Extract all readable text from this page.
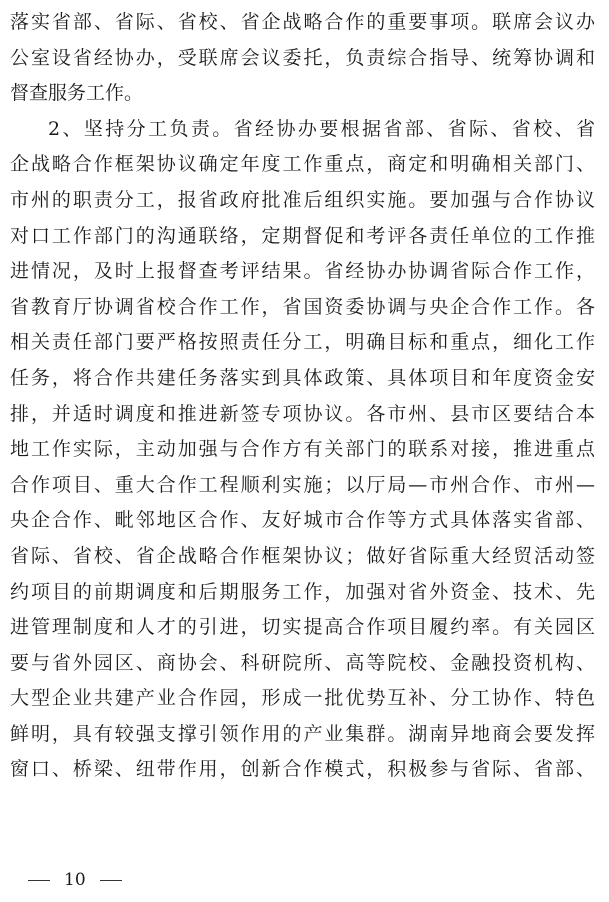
落实省部、省际、省校、省企战略合作的重要事项。联席会议办
公室设省经协办，受联席会议委托，负责综合指导、统筹协调和
督查服务工作。
2、坚持分工负责。省经协办要根据省部、省际、省校、省
企战略合作框架协议确定年度工作重点，商定和明确相关部门、
市州的职责分工，报省政府批准后组织实施。要加强与合作协议
对口工作部门的沟通联络，定期督促和考评各责任单位的工作推
进情况，及时上报督查考评结果。省经协办协调省际合作工作，
省教育厅协调省校合作工作，省国资委协调与央企合作工作。各
相关责任部门要严格按照责任分工，明确目标和重点，细化工作
任务，将合作共建任务落实到具体政策、具体项目和年度资金安
排，并适时调度和推进新签专项协议。各市州、县市区要结合本
地工作实际，主动加强与合作方有关部门的联系对接，推进重点
合作项目、重大合作工程顺利实施；以厅局—市州合作、市州—
央企合作、毗邻地区合作、友好城市合作等方式具体落实省部、
省际、省校、省企战略合作框架协议；做好省际重大经贸活动签
约项目的前期调度和后期服务工作，加强对省外资金、技术、先
进管理制度和人才的引进，切实提高合作项目履约率。有关园区
要与省外园区、商协会、科研院所、高等院校、金融投资机构、
大型企业共建产业合作园，形成一批优势互补、分工协作、特色
鲜明，具有较强支撑引领作用的产业集群。湖南异地商会要发挥
窗口、桥梁、纽带作用，创新合作模式，积极参与省际、省部、
10
